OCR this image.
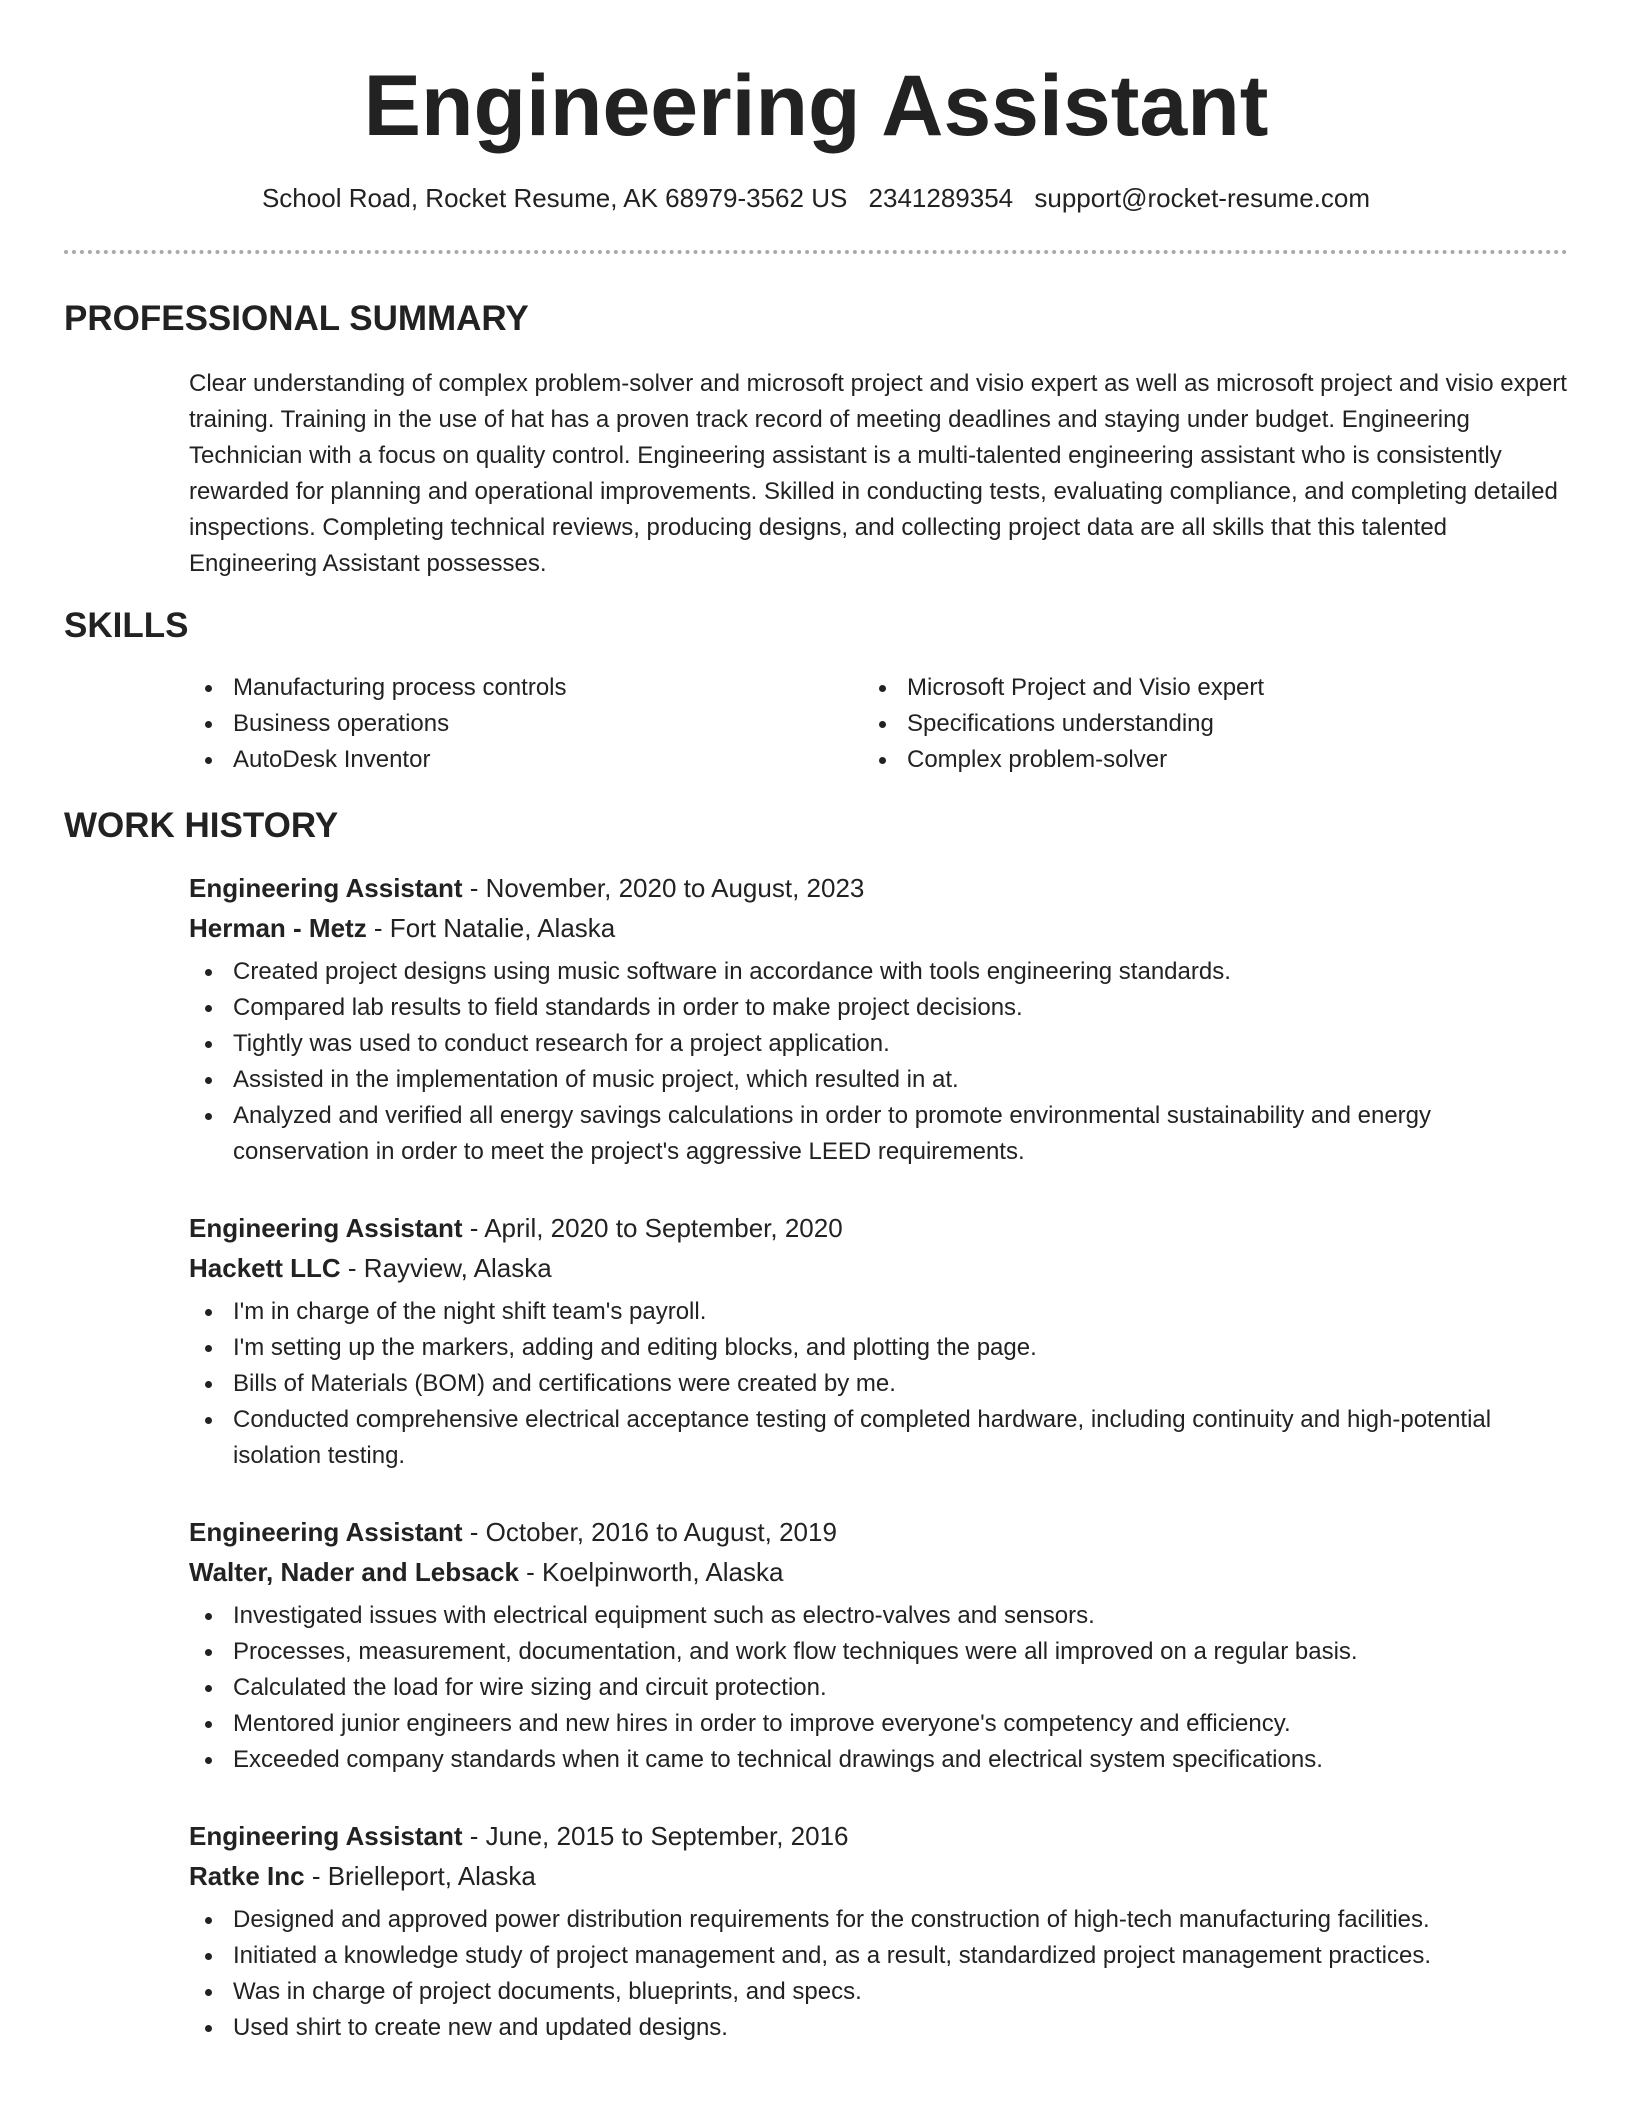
Engineering Assistant
School Road, Rocket Resume, AK 68979-3562 US 2341289354 support@rocket-resume.com
PROFESSIONAL SUMMARY

Clear understanding of complex problem-solver and microsoft project and visio expert as well as microsoft project and visio expert training. Training in the use of hat has a proven track record of meeting deadlines and staying under budget. Engineering Technician with a focus on quality control. Engineering assistant is a multi-talented engineering assistant who is consistently rewarded for planning and operational improvements. Skilled in conducting tests, evaluating compliance, and completing detailed inspections. Completing technical reviews, producing designs, and collecting project data are all skills that this talented Engineering Assistant possesses.

SKILLS
Manufacturing process controls
Business operations
AutoDesk Inventor
Microsoft Project and Visio expert
Specifications understanding
Complex problem-solver
WORK HISTORY

Engineering Assistant - November, 2020 to August, 2023

Herman - Metz - Fort Natalie, Alaska

Created project designs using music software in accordance with tools engineering standards.
Compared lab results to field standards in order to make project decisions.
Tightly was used to conduct research for a project application.
Assisted in the implementation of music project, which resulted in at.
Analyzed and verified all energy savings calculations in order to promote environmental sustainability and energy conservation in order to meet the project's aggressive LEED requirements.

Engineering Assistant - April, 2020 to September, 2020

Hackett LLC - Rayview, Alaska

I'm in charge of the night shift team's payroll.
I'm setting up the markers, adding and editing blocks, and plotting the page.
Bills of Materials (BOM) and certifications were created by me.
Conducted comprehensive electrical acceptance testing of completed hardware, including continuity and high-potential isolation testing.

Engineering Assistant - October, 2016 to August, 2019

Walter, Nader and Lebsack - Koelpinworth, Alaska

Investigated issues with electrical equipment such as electro-valves and sensors.
Processes, measurement, documentation, and work flow techniques were all improved on a regular basis.
Calculated the load for wire sizing and circuit protection.
Mentored junior engineers and new hires in order to improve everyone's competency and efficiency.
Exceeded company standards when it came to technical drawings and electrical system specifications.

Engineering Assistant - June, 2015 to September, 2016

Ratke Inc - Brielleport, Alaska

Designed and approved power distribution requirements for the construction of high-tech manufacturing facilities.
Initiated a knowledge study of project management and, as a result, standardized project management practices.
Was in charge of project documents, blueprints, and specs.
Used shirt to create new and updated designs.
